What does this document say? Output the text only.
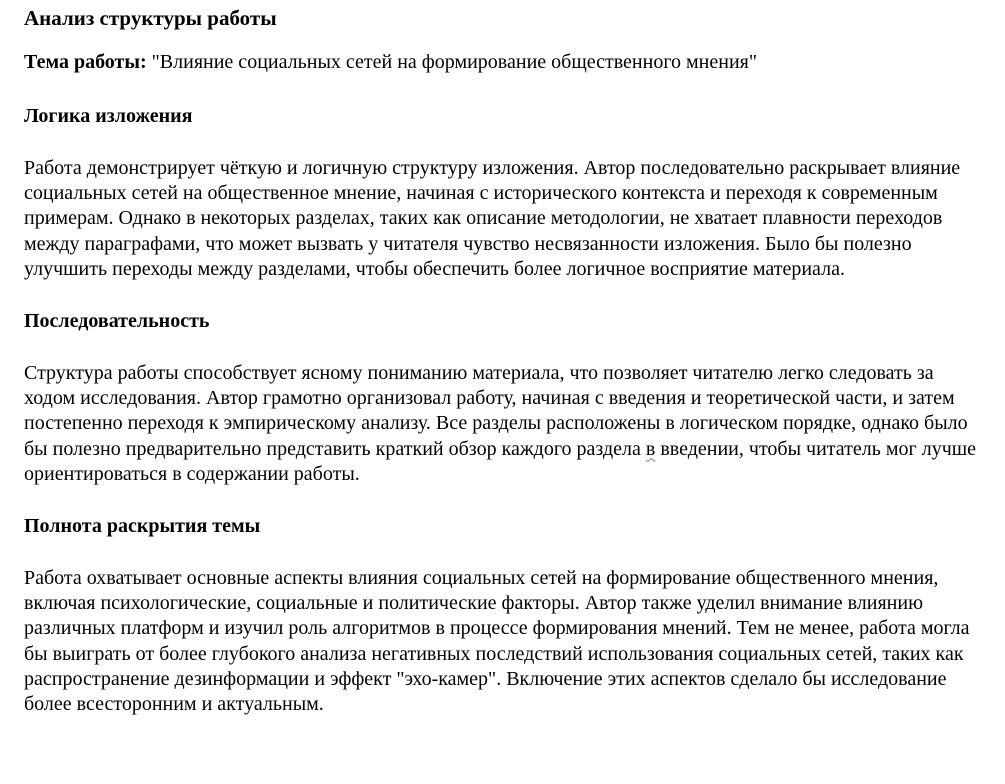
Анализ структуры работы
Тема работы: "Влияние социальных сетей на формирование общественного мнения"
Логика изложения
Работа демонстрирует чёткую и логичную структуру изложения. Автор последовательно раскрывает влияние социальных сетей на общественное мнение, начиная с исторического контекста и переходя к современным примерам. Однако в некоторых разделах, таких как описание методологии, не хватает плавности переходов между параграфами, что может вызвать у читателя чувство несвязанности изложения. Было бы полезно улучшить переходы между разделами, чтобы обеспечить более логичное восприятие материала.
Последовательность
Структура работы способствует ясному пониманию материала, что позволяет читателю легко следовать за ходом исследования. Автор грамотно организовал работу, начиная с введения и теоретической части, и затем постепенно переходя к эмпирическому анализу. Все разделы расположены в логическом порядке, однако было бы полезно предварительно представить краткий обзор каждого раздела в введении, чтобы читатель мог лучше ориентироваться в содержании работы.
Полнота раскрытия темы
Работа охватывает основные аспекты влияния социальных сетей на формирование общественного мнения, включая психологические, социальные и политические факторы. Автор также уделил внимание влиянию различных платформ и изучил роль алгоритмов в процессе формирования мнений. Тем не менее, работа могла бы выиграть от более глубокого анализа негативных последствий использования социальных сетей, таких как распространение дезинформации и эффект "эхо-камер". Включение этих аспектов сделало бы исследование более всесторонним и актуальным.
